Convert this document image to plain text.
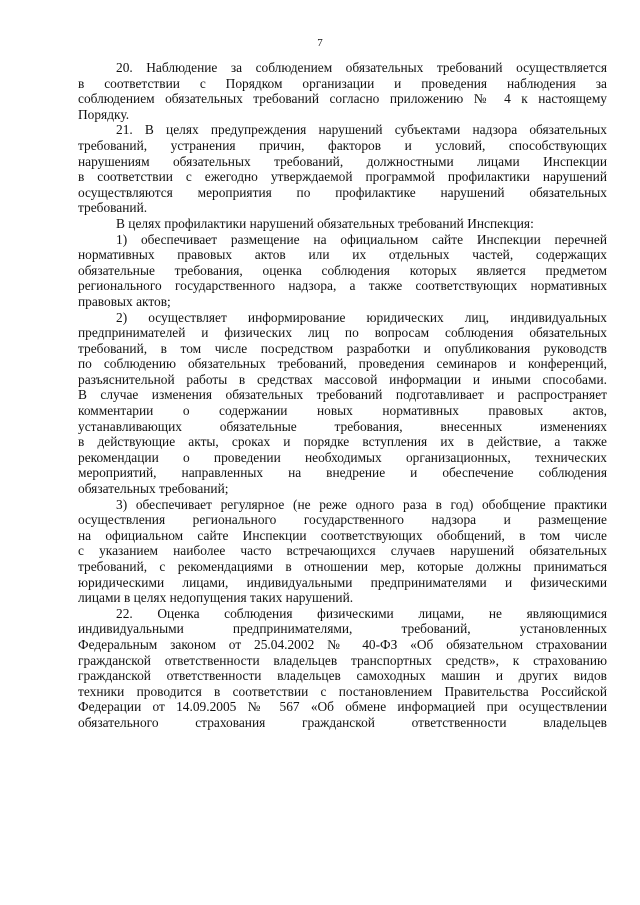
7
20. Наблюдение за соблюдением обязательных требований осуществляется
в соответствии с Порядком организации и проведения наблюдения за
соблюдением обязательных требований согласно приложению № 4 к настоящему
Порядку.
21. В целях предупреждения нарушений субъектами надзора обязательных
требований, устранения причин, факторов и условий, способствующих
нарушениям обязательных требований, должностными лицами Инспекции
в соответствии с ежегодно утверждаемой программой профилактики нарушений
осуществляются мероприятия по профилактике нарушений обязательных
требований.
В целях профилактики нарушений обязательных требований Инспекция:
1) обеспечивает размещение на официальном сайте Инспекции перечней
нормативных правовых актов или их отдельных частей, содержащих
обязательные требования, оценка соблюдения которых является предметом
регионального государственного надзора, а также соответствующих нормативных
правовых актов;
2) осуществляет информирование юридических лиц, индивидуальных
предпринимателей и физических лиц по вопросам соблюдения обязательных
требований, в том числе посредством разработки и опубликования руководств
по соблюдению обязательных требований, проведения семинаров и конференций,
разъяснительной работы в средствах массовой информации и иными способами.
В случае изменения обязательных требований подготавливает и распространяет
комментарии о содержании новых нормативных правовых актов,
устанавливающих обязательные требования, внесенных изменениях
в действующие акты, сроках и порядке вступления их в действие, а также
рекомендации о проведении необходимых организационных, технических
мероприятий, направленных на внедрение и обеспечение соблюдения
обязательных требований;
3) обеспечивает регулярное (не реже одного раза в год) обобщение практики
осуществления регионального государственного надзора и размещение
на официальном сайте Инспекции соответствующих обобщений, в том числе
с указанием наиболее часто встречающихся случаев нарушений обязательных
требований, с рекомендациями в отношении мер, которые должны приниматься
юридическими лицами, индивидуальными предпринимателями и физическими
лицами в целях недопущения таких нарушений.
22. Оценка соблюдения физическими лицами, не являющимися
индивидуальными предпринимателями, требований, установленных
Федеральным законом от 25.04.2002 № 40-ФЗ «Об обязательном страховании
гражданской ответственности владельцев транспортных средств», к страхованию
гражданской ответственности владельцев самоходных машин и других видов
техники проводится в соответствии с постановлением Правительства Российской
Федерации от 14.09.2005 № 567 «Об обмене информацией при осуществлении
обязательного страхования гражданской ответственности владельцев
